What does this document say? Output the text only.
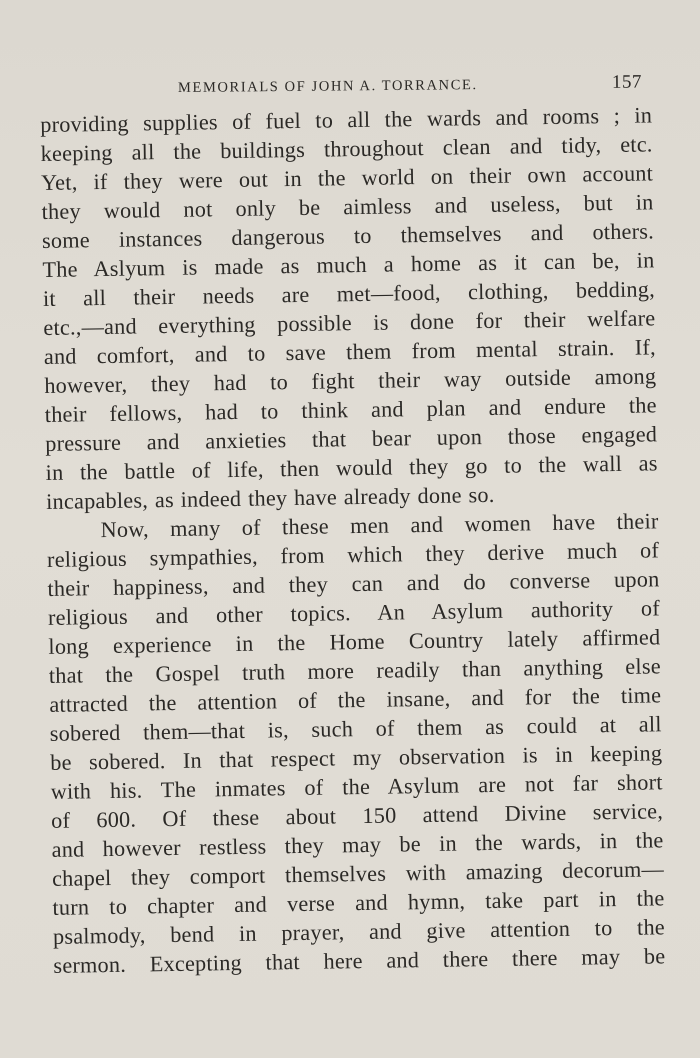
MEMORIALS OF JOHN A. TORRANCE.	157
providing supplies of fuel to all the wards and rooms ; in
keeping all the buildings throughout clean and tidy, etc.
Yet, if they were out in the world on their own account
they would not only be aimless and useless, but in
some instances dangerous to themselves and others.
The Aslyum is made as much a home as it can be, in
it all their needs are met—food, clothing, bedding,
etc.,—and everything possible is done for their welfare
and comfort, and to save them from mental strain. If,
however, they had to fight their way outside among
their fellows, had to think and plan and endure the
pressure and anxieties that bear upon those engaged
in the battle of life, then would they go to the wall as
incapables, as indeed they have already done so.
Now, many of these men and women have their
religious sympathies, from which they derive much of
their happiness, and they can and do converse upon
religious and other topics. An Asylum authority of
long experience in the Home Country lately affirmed
that the Gospel truth more readily than anything else
attracted the attention of the insane, and for the time
sobered them—that is, such of them as could at all
be sobered. In that respect my observation is in keeping
with his. The inmates of the Asylum are not far short
of 600. Of these about 150 attend Divine service,
and however restless they may be in the wards, in the
chapel they comport themselves with amazing decorum—
turn to chapter and verse and hymn, take part in the
psalmody, bend in prayer, and give attention to the
sermon. Excepting that here and there there may be
